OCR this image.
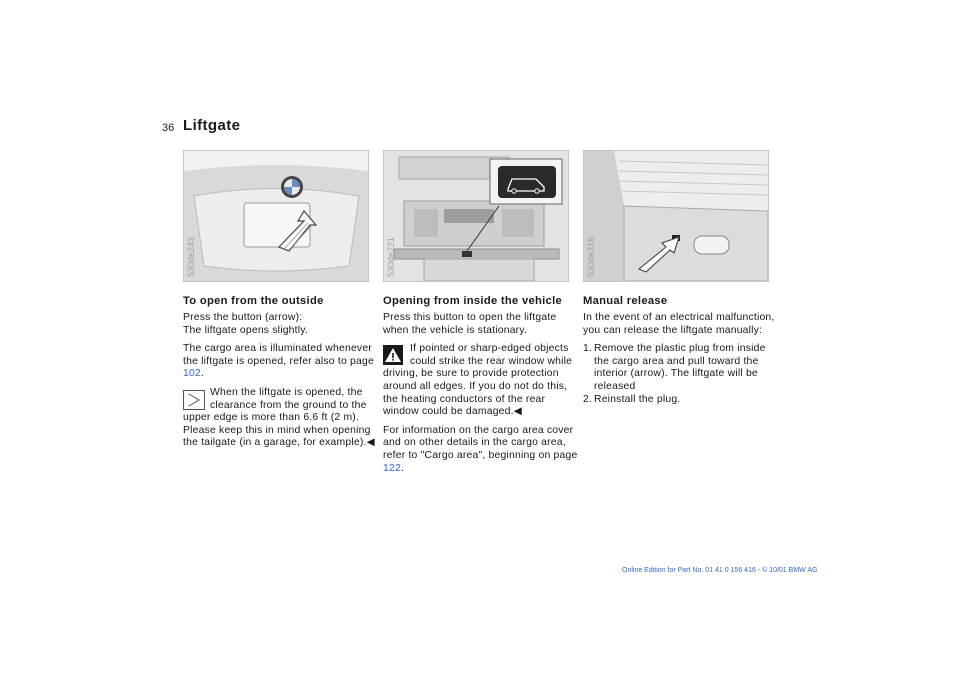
36 Liftgate
530de243	530de221	530de316
To open from the outside

Press the button (arrow):
The liftgate opens slightly.

The cargo area is illuminated whenever the liftgate is opened, refer also to page 102.

When the liftgate is opened, the clearance from the ground to the
upper edge is more than 6.6 ft (2 m). Please keep this in mind when opening the tailgate (in a garage, for example).◀
Opening from inside the vehicle

Press this button to open the liftgate when the vehicle is stationary.

If pointed or sharp-edged objects could strike the rear window while
driving, be sure to provide protection around all edges. If you do not do this, the heating conductors of the rear window could be damaged.◀

For information on the cargo area cover and on other details in the cargo area, refer to "Cargo area", beginning on page 122.

Manual release

In the event of an electrical malfunction, you can release the liftgate manually:

1. Remove the plastic plug from inside the cargo area and pull toward the interior (arrow). The liftgate will be released
2. Reinstall the plug.
Online Edition for Part No. 01 41 0 156 416 - © 10/01 BMW AG
